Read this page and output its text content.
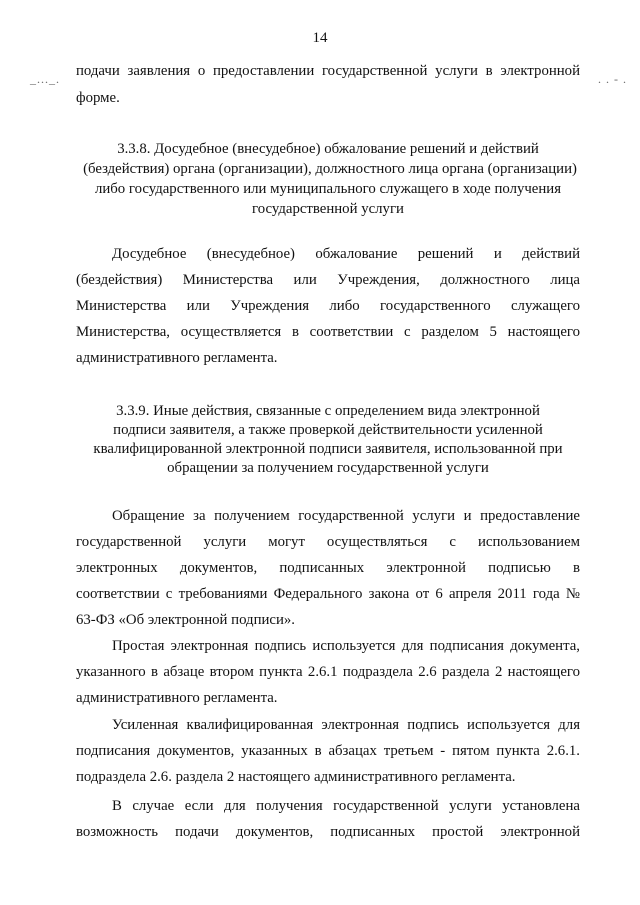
14
_..._.	. . - .
подачи заявления о предоставлении государственной услуги в электронной
форме.
3.3.8. Досудебное (внесудебное) обжалование решений и действий
(бездействия) органа (организации), должностного лица органа (организации)
либо государственного или муниципального служащего в ходе получения
государственной услуги
Досудебное (внесудебное) обжалование решений и действий
(бездействия) Министерства или Учреждения, должностного лица
Министерства или Учреждения либо государственного служащего
Министерства, осуществляется в соответствии с разделом 5 настоящего
административного регламента.
3.3.9. Иные действия, связанные с определением вида электронной
подписи заявителя, а также проверкой действительности усиленной
квалифицированной электронной подписи заявителя, использованной при
обращении за получением государственной услуги
Обращение за получением государственной услуги и предоставление
государственной услуги могут осуществляться с использованием
электронных документов, подписанных электронной подписью в
соответствии с требованиями Федерального закона от 6 апреля 2011 года №
63-ФЗ «Об электронной подписи».
Простая электронная подпись используется для подписания документа,
указанного в абзаце втором пункта 2.6.1 подраздела 2.6 раздела 2 настоящего
административного регламента.
Усиленная квалифицированная электронная подпись используется для
подписания документов, указанных в абзацах третьем - пятом пункта 2.6.1.
подраздела 2.6. раздела 2 настоящего административного регламента.
В случае если для получения государственной услуги установлена
возможность подачи документов, подписанных простой электронной
